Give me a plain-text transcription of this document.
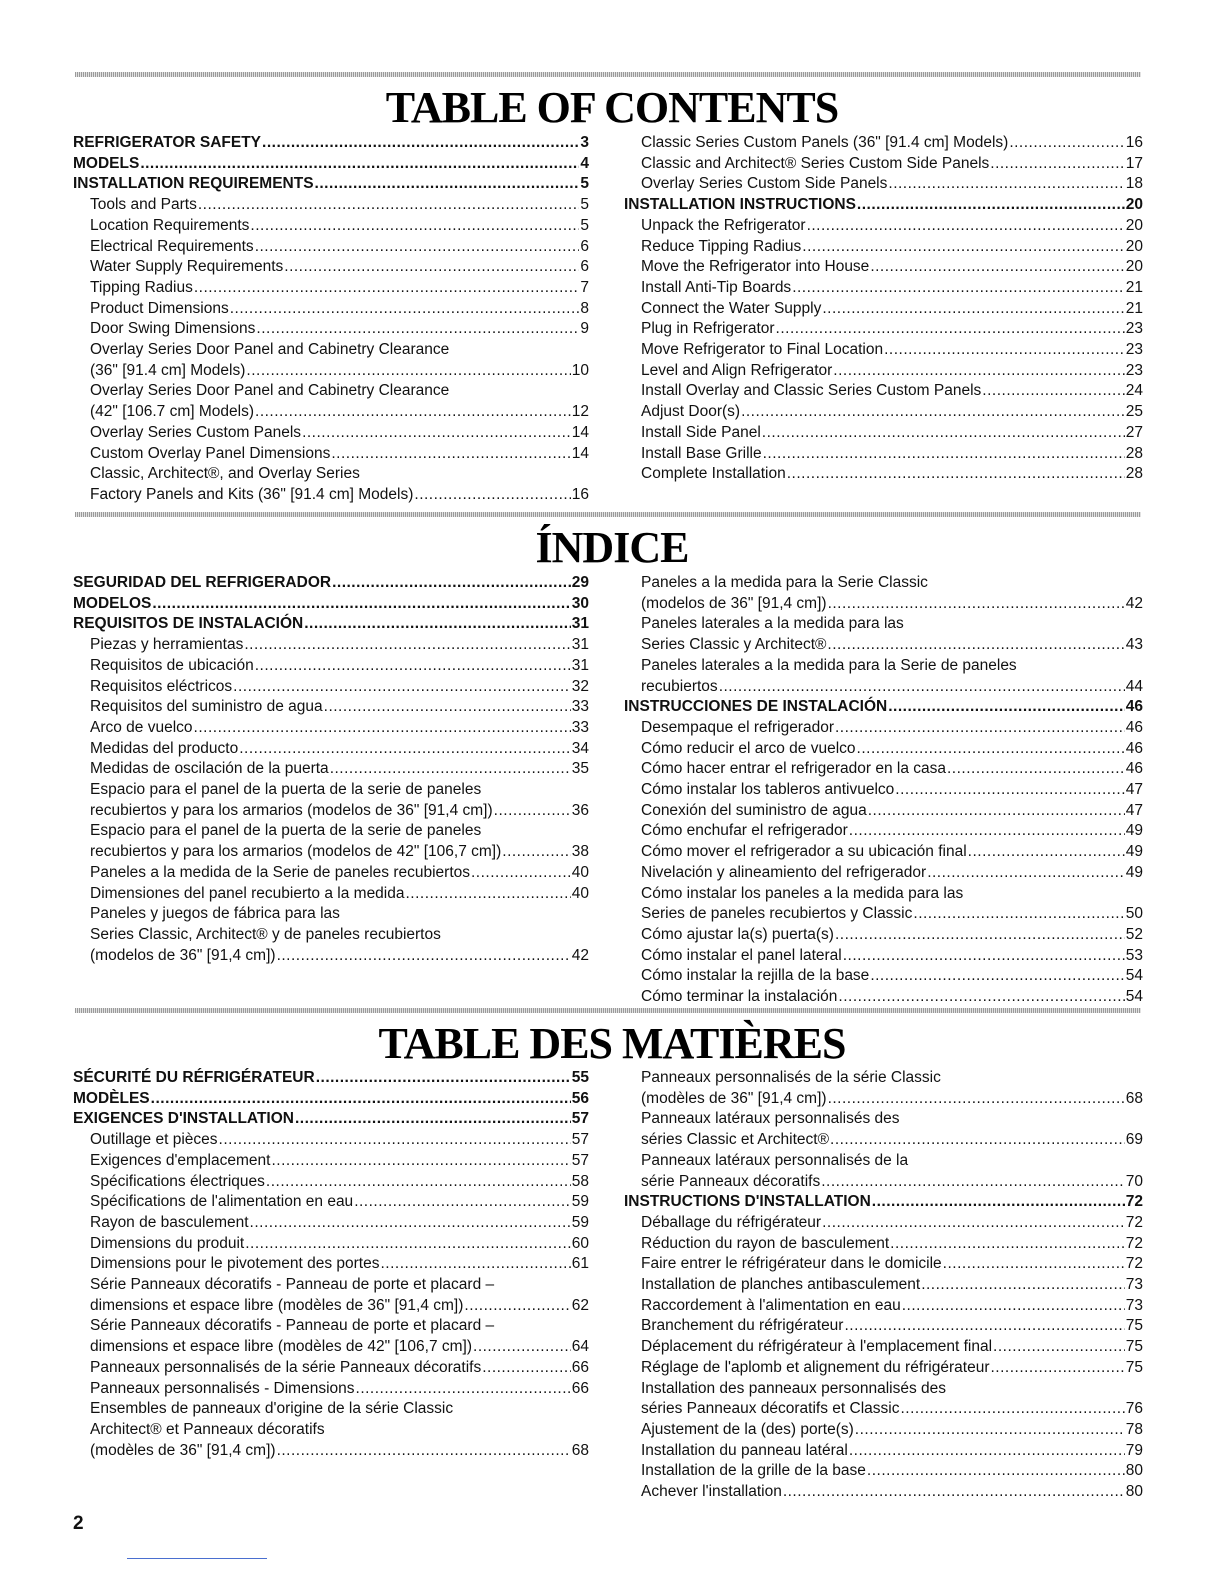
TABLE OF CONTENTS
REFRIGERATOR SAFETY .....	3
MODELS .....	4
INSTALLATION REQUIREMENTS .....	5
Tools and Parts .....	5
Location Requirements .....	5
Electrical Requirements .....	6
Water Supply Requirements .....	6
Tipping Radius .....	7
Product Dimensions .....	8
Door Swing Dimensions .....	9
Overlay Series Door Panel and Cabinetry Clearance
(36" [91.4 cm] Models) .....	10
Overlay Series Door Panel and Cabinetry Clearance
(42" [106.7 cm] Models) .....	12
Overlay Series Custom Panels .....	14
Custom Overlay Panel Dimensions .....	14
Classic, Architect®, and Overlay Series
Factory Panels and Kits (36" [91.4 cm] Models) .....	16
Classic Series Custom Panels (36" [91.4 cm] Models) .....	16
Classic and Architect® Series Custom Side Panels .....	17
Overlay Series Custom Side Panels .....	18
INSTALLATION INSTRUCTIONS .....	20
Unpack the Refrigerator .....	20
Reduce Tipping Radius .....	20
Move the Refrigerator into House .....	20
Install Anti-Tip Boards .....	21
Connect the Water Supply .....	21
Plug in Refrigerator .....	23
Move Refrigerator to Final Location .....	23
Level and Align Refrigerator .....	23
Install Overlay and Classic Series Custom Panels .....	24
Adjust Door(s) .....	25
Install Side Panel .....	27
Install Base Grille .....	28
Complete Installation .....	28
ÍNDICE
SEGURIDAD DEL REFRIGERADOR .....	29
MODELOS .....	30
REQUISITOS DE INSTALACIÓN .....	31
Piezas y herramientas .....	31
Requisitos de ubicación .....	31
Requisitos eléctricos .....	32
Requisitos del suministro de agua .....	33
Arco de vuelco .....	33
Medidas del producto .....	34
Medidas de oscilación de la puerta .....	35
Espacio para el panel de la puerta de la serie de paneles
recubiertos y para los armarios (modelos de 36" [91,4 cm]) .....	36
Espacio para el panel de la puerta de la serie de paneles
recubiertos y para los armarios (modelos de 42" [106,7 cm]) .....	38
Paneles a la medida de la Serie de paneles recubiertos .....	40
Dimensiones del panel recubierto a la medida .....	40
Paneles y juegos de fábrica para las
Series Classic, Architect® y de paneles recubiertos
(modelos de 36" [91,4 cm]) .....	42
Paneles a la medida para la Serie Classic
(modelos de 36" [91,4 cm]) .....	42
Paneles laterales a la medida para las
Series Classic y Architect® .....	43
Paneles laterales a la medida para la Serie de paneles
recubiertos .....	44
INSTRUCCIONES DE INSTALACIÓN .....	46
Desempaque el refrigerador .....	46
Cómo reducir el arco de vuelco .....	46
Cómo hacer entrar el refrigerador en la casa .....	46
Cómo instalar los tableros antivuelco .....	47
Conexión del suministro de agua .....	47
Cómo enchufar el refrigerador .....	49
Cómo mover el refrigerador a su ubicación final .....	49
Nivelación y alineamiento del refrigerador .....	49
Cómo instalar los paneles a la medida para las
Series de paneles recubiertos y Classic .....	50
Cómo ajustar la(s) puerta(s) .....	52
Cómo instalar el panel lateral .....	53
Cómo instalar la rejilla de la base .....	54
Cómo terminar la instalación .....	54
TABLE DES MATIÈRES
SÉCURITÉ DU RÉFRIGÉRATEUR .....	55
MODÈLES .....	56
EXIGENCES D'INSTALLATION .....	57
Outillage et pièces .....	57
Exigences d'emplacement .....	57
Spécifications électriques .....	58
Spécifications de l'alimentation en eau .....	59
Rayon de basculement .....	59
Dimensions du produit .....	60
Dimensions pour le pivotement des portes .....	61
Série Panneaux décoratifs - Panneau de porte et placard –
dimensions et espace libre (modèles de 36" [91,4 cm]) .....	62
Série Panneaux décoratifs - Panneau de porte et placard –
dimensions et espace libre (modèles de 42" [106,7 cm]) .....	64
Panneaux personnalisés de la série Panneaux décoratifs .....	66
Panneaux personnalisés - Dimensions .....	66
Ensembles de panneaux d'origine de la série Classic
Architect® et Panneaux décoratifs
(modèles de 36" [91,4 cm]) .....	68
Panneaux personnalisés de la série Classic
(modèles de 36" [91,4 cm]) .....	68
Panneaux latéraux personnalisés des
séries Classic et Architect® .....	69
Panneaux latéraux personnalisés de la
série Panneaux décoratifs .....	70
INSTRUCTIONS D'INSTALLATION .....	72
Déballage du réfrigérateur .....	72
Réduction du rayon de basculement .....	72
Faire entrer le réfrigérateur dans le domicile .....	72
Installation de planches antibasculement .....	73
Raccordement à l'alimentation en eau .....	73
Branchement du réfrigérateur .....	75
Déplacement du réfrigérateur à l'emplacement final .....	75
Réglage de l'aplomb et alignement du réfrigérateur .....	75
Installation des panneaux personnalisés des
séries Panneaux décoratifs et Classic .....	76
Ajustement de la (des) porte(s) .....	78
Installation du panneau latéral .....	79
Installation de la grille de la base .....	80
Achever l'installation .....	80
2
